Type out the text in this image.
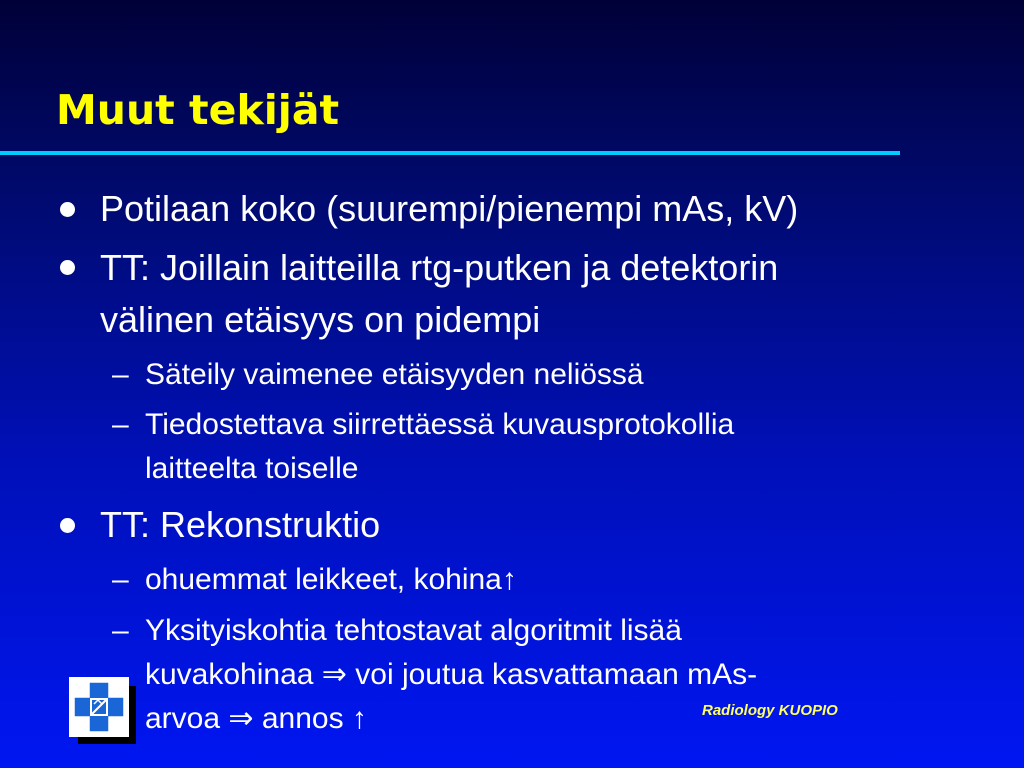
Muut tekijät
Potilaan koko (suurempi/pienempi mAs, kV)
TT: Joillain laitteilla rtg-putken ja detektorin
välinen etäisyys on pidempi
– Säteily vaimenee etäisyyden neliössä
– Tiedostettava siirrettäessä kuvausprotokollia
laitteelta toiselle
TT: Rekonstruktio
– ohuemmat leikkeet, kohina↑
– Yksityiskohtia tehtostavat algoritmit lisää
kuvakohinaa ⇒ voi joutua kasvattamaan mAs-
arvoa ⇒ annos ↑	Radiology KUOPIO
